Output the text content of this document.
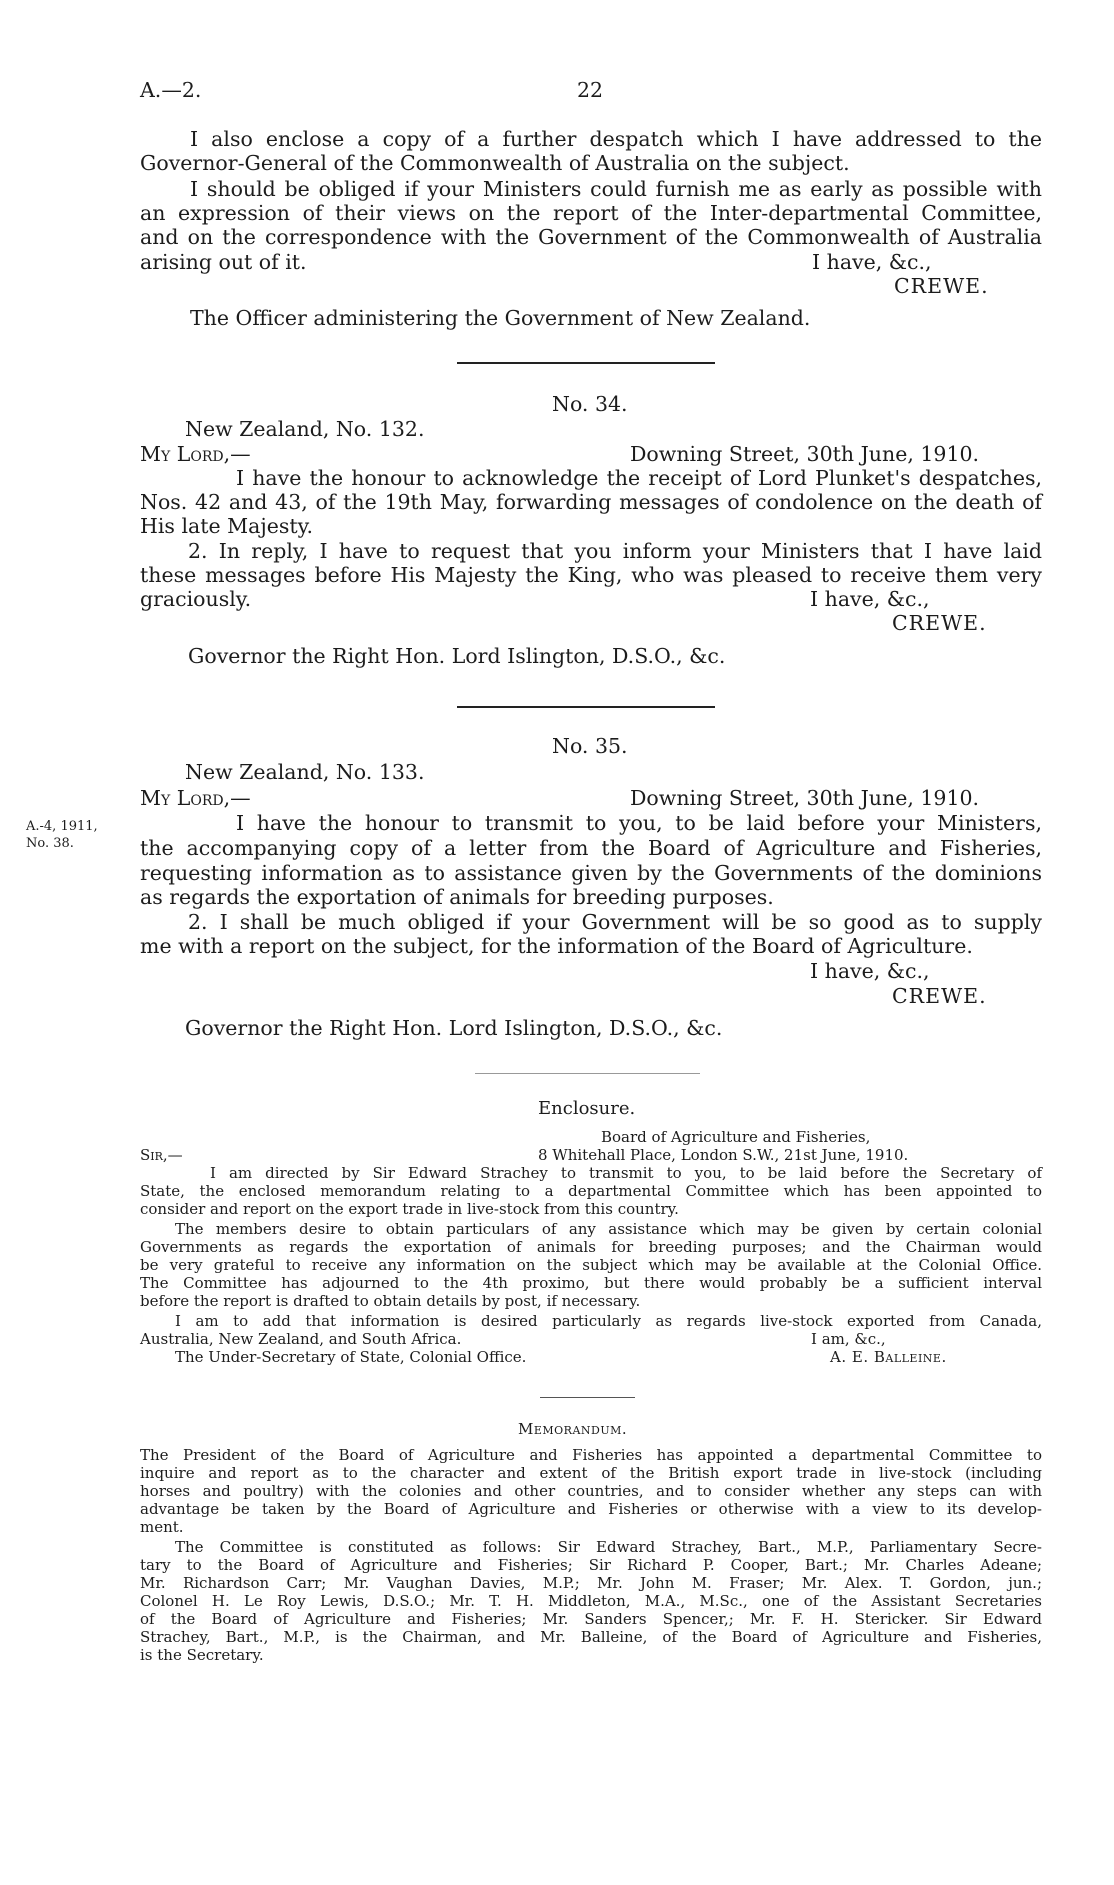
A.—2.	22
I also enclose a copy of a further despatch which I have addressed to the
Governor-General of the Commonwealth of Australia on the subject.
I should be obliged if your Ministers could furnish me as early as possible with
an expression of their views on the report of the Inter-departmental Committee,
and on the correspondence with the Government of the Commonwealth of Australia
arising out of it.	I have, &c.,
CREWE.
The Officer administering the Government of New Zealand.
No. 34.
New Zealand, No. 132.
My Lord,—	Downing Street, 30th June, 1910.
I have the honour to acknowledge the receipt of Lord Plunket's despatches,
Nos. 42 and 43, of the 19th May, forwarding messages of condolence on the death of
His late Majesty.
2. In reply, I have to request that you inform your Ministers that I have laid
these messages before His Majesty the King, who was pleased to receive them very
graciously.	I have, &c.,
CREWE.
Governor the Right Hon. Lord Islington, D.S.O., &c.
No. 35.
New Zealand, No. 133.
My Lord,—	Downing Street, 30th June, 1910.
A.-4, 1911,
No. 38.
I have the honour to transmit to you, to be laid before your Ministers,
the accompanying copy of a letter from the Board of Agriculture and Fisheries,
requesting information as to assistance given by the Governments of the dominions
as regards the exportation of animals for breeding purposes.
2. I shall be much obliged if your Government will be so good as to supply
me with a report on the subject, for the information of the Board of Agriculture.
I have, &c.,
CREWE.
Governor the Right Hon. Lord Islington, D.S.O., &c.
Enclosure.
Board of Agriculture and Fisheries,
Sir,—	8 Whitehall Place, London S.W., 21st June, 1910.
I am directed by Sir Edward Strachey to transmit to you, to be laid before the Secretary of
State, the enclosed memorandum relating to a departmental Committee which has been appointed to
consider and report on the export trade in live-stock from this country.
The members desire to obtain particulars of any assistance which may be given by certain colonial
Governments as regards the exportation of animals for breeding purposes; and the Chairman would
be very grateful to receive any information on the subject which may be available at the Colonial Office.
The Committee has adjourned to the 4th proximo, but there would probably be a sufficient interval
before the report is drafted to obtain details by post, if necessary.
I am to add that information is desired particularly as regards live-stock exported from Canada,
Australia, New Zealand, and South Africa.	I am, &c.,
The Under-Secretary of State, Colonial Office.	A. E. Balleine.
Memorandum.
The President of the Board of Agriculture and Fisheries has appointed a departmental Committee to
inquire and report as to the character and extent of the British export trade in live-stock (including
horses and poultry) with the colonies and other countries, and to consider whether any steps can with
advantage be taken by the Board of Agriculture and Fisheries or otherwise with a view to its develop-
ment.
The Committee is constituted as follows: Sir Edward Strachey, Bart., M.P., Parliamentary Secre-
tary to the Board of Agriculture and Fisheries; Sir Richard P. Cooper, Bart.; Mr. Charles Adeane;
Mr. Richardson Carr; Mr. Vaughan Davies, M.P.; Mr. John M. Fraser; Mr. Alex. T. Gordon, jun.;
Colonel H. Le Roy Lewis, D.S.O.; Mr. T. H. Middleton, M.A., M.Sc., one of the Assistant Secretaries
of the Board of Agriculture and Fisheries; Mr. Sanders Spencer,; Mr. F. H. Stericker. Sir Edward
Strachey, Bart., M.P., is the Chairman, and Mr. Balleine, of the Board of Agriculture and Fisheries,
is the Secretary.
